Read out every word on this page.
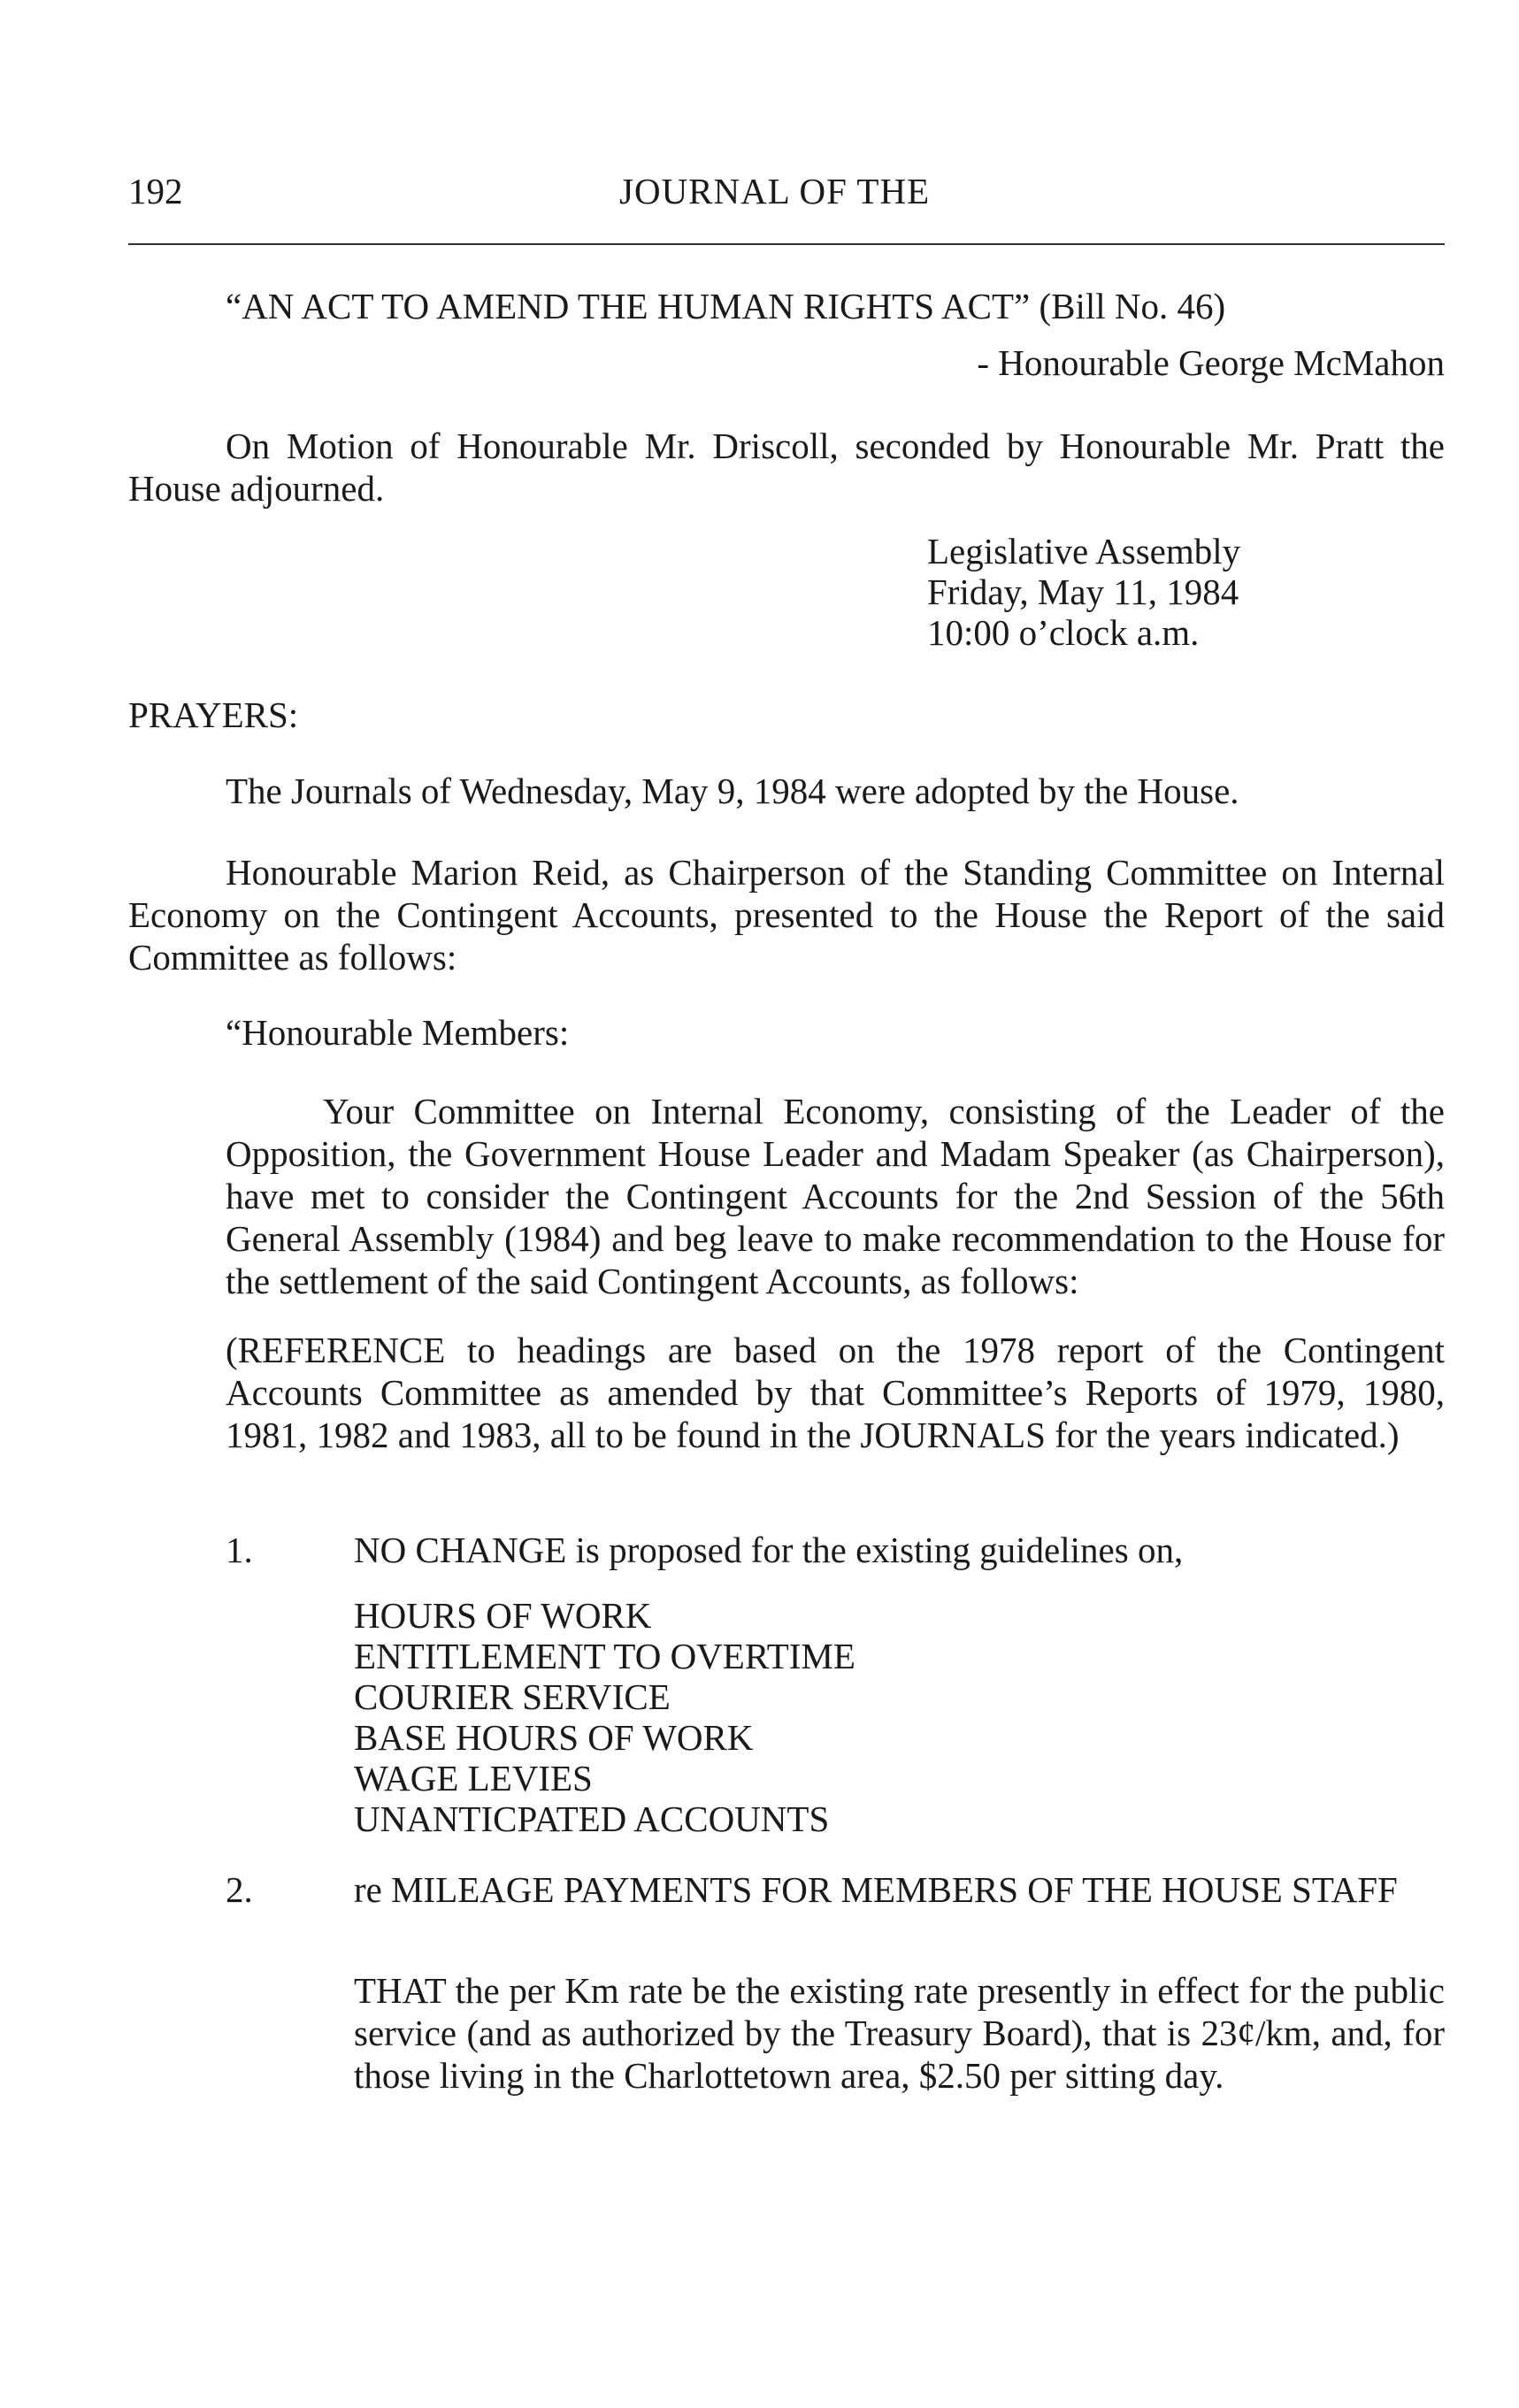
192	JOURNAL OF THE
“AN ACT TO AMEND THE HUMAN RIGHTS ACT” (Bill No. 46)
- Honourable George McMahon

On Motion of Honourable Mr. Driscoll, seconded by Honourable Mr. Pratt the House adjourned.

Legislative Assembly
Friday, May 11, 1984
10:00 o’clock a.m.
PRAYERS:

The Journals of Wednesday, May 9, 1984 were adopted by the House.

Honourable Marion Reid, as Chairperson of the Standing Committee on Internal Economy on the Contingent Accounts, presented to the House the Report of the said Committee as follows:

“Honourable Members:

Your Committee on Internal Economy, consisting of the Leader of the Opposition, the Government House Leader and Madam Speaker (as Chairperson), have met to consider the Contingent Accounts for the 2nd Session of the 56th General Assembly (1984) and beg leave to make recommendation to the House for the settlement of the said Contingent Accounts, as follows:

(REFERENCE to headings are based on the 1978 report of the Contingent Accounts Committee as amended by that Committee’s Reports of 1979, 1980, 1981, 1982 and 1983, all to be found in the JOURNALS for the years indicated.)

1.	NO CHANGE is proposed for the existing guidelines on,
HOURS OF WORK
ENTITLEMENT TO OVERTIME
COURIER SERVICE
BASE HOURS OF WORK
WAGE LEVIES
UNANTICPATED ACCOUNTS
2.	re MILEAGE PAYMENTS FOR MEMBERS OF THE HOUSE STAFF

THAT the per Km rate be the existing rate presently in effect for the public service (and as authorized by the Treasury Board), that is 23¢/km, and, for those living in the Charlottetown area, $2.50 per sitting day.
